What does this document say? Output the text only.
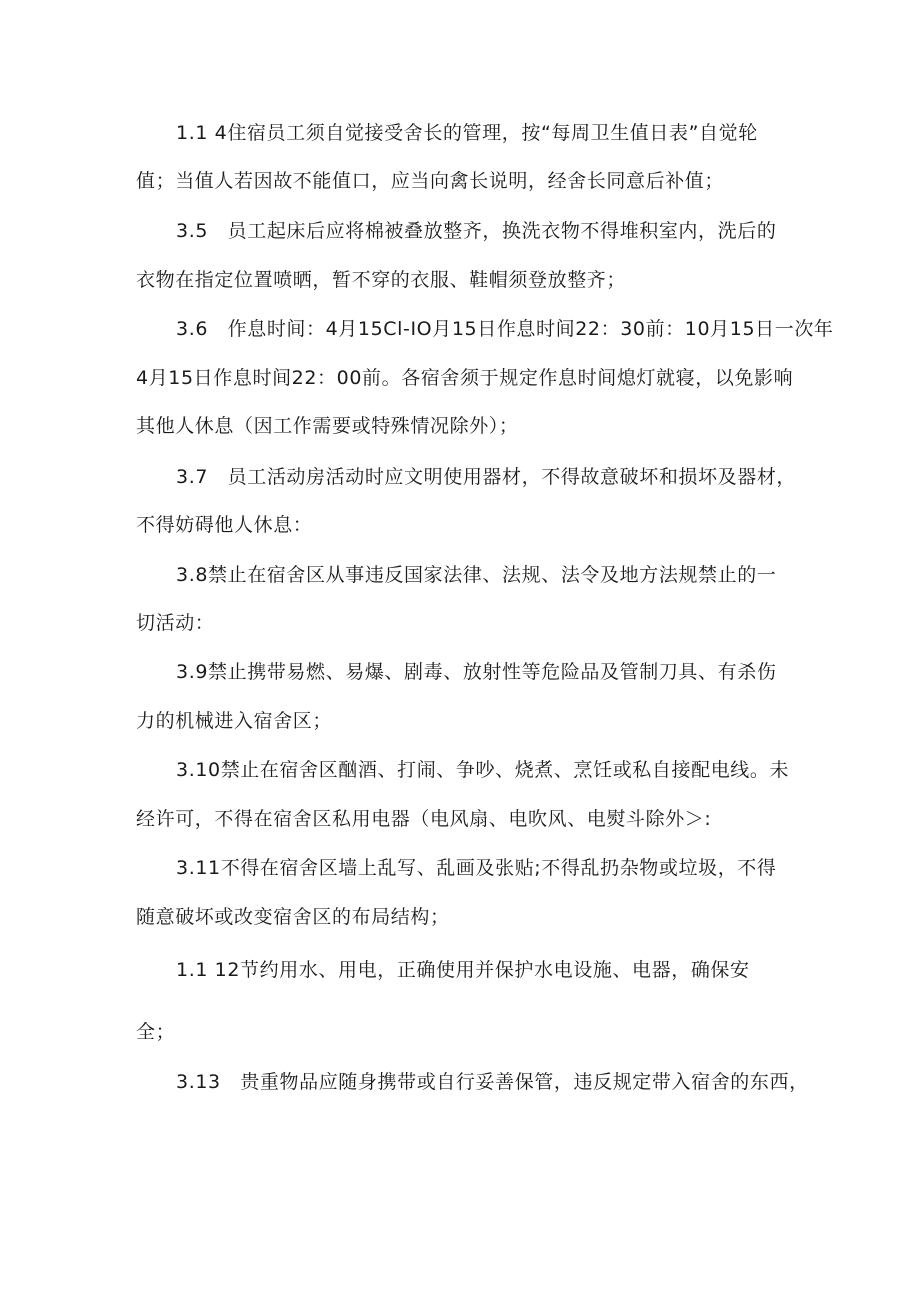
1.1 4住宿员工须自觉接受舍长的管理，按“每周卫生值日表”自觉轮
值；当值人若因故不能值口，应当向禽长说明，经舍长同意后补值；
3.5　员工起床后应将棉被叠放整齐，换洗衣物不得堆积室内，洗后的
衣物在指定位置喷晒，暂不穿的衣服、鞋帽须登放整齐；
3.6　作息时间：4月15Cl-IO月15日作息时间22：30前：10月15日一次年
4月15日作息时间22：00前。各宿舍须于规定作息时间熄灯就寝，以免影响
其他人休息（因工作需要或特殊情况除外）；
3.7　员工活动房活动时应文明使用器材，不得故意破坏和损坏及器材，
不得妨碍他人休息：
3.8禁止在宿舍区从事违反国家法律、法规、法令及地方法规禁止的一
切活动：
3.9禁止携带易燃、易爆、剧毒、放射性等危险品及管制刀具、有杀伤
力的机械进入宿舍区；
3.10禁止在宿舍区酗酒、打闹、争吵、烧煮、烹饪或私自接配电线。未
经许可，不得在宿舍区私用电器（电风扇、电吹风、电熨斗除外＞:
3.11不得在宿舍区墙上乱写、乱画及张贴;不得乱扔杂物或垃圾，不得
随意破坏或改变宿舍区的布局结构；
1.1 12节约用水、用电，正确使用并保护水电设施、电器，确保安
全；
3.13　贵重物品应随身携带或自行妥善保管，违反规定带入宿舍的东西，
